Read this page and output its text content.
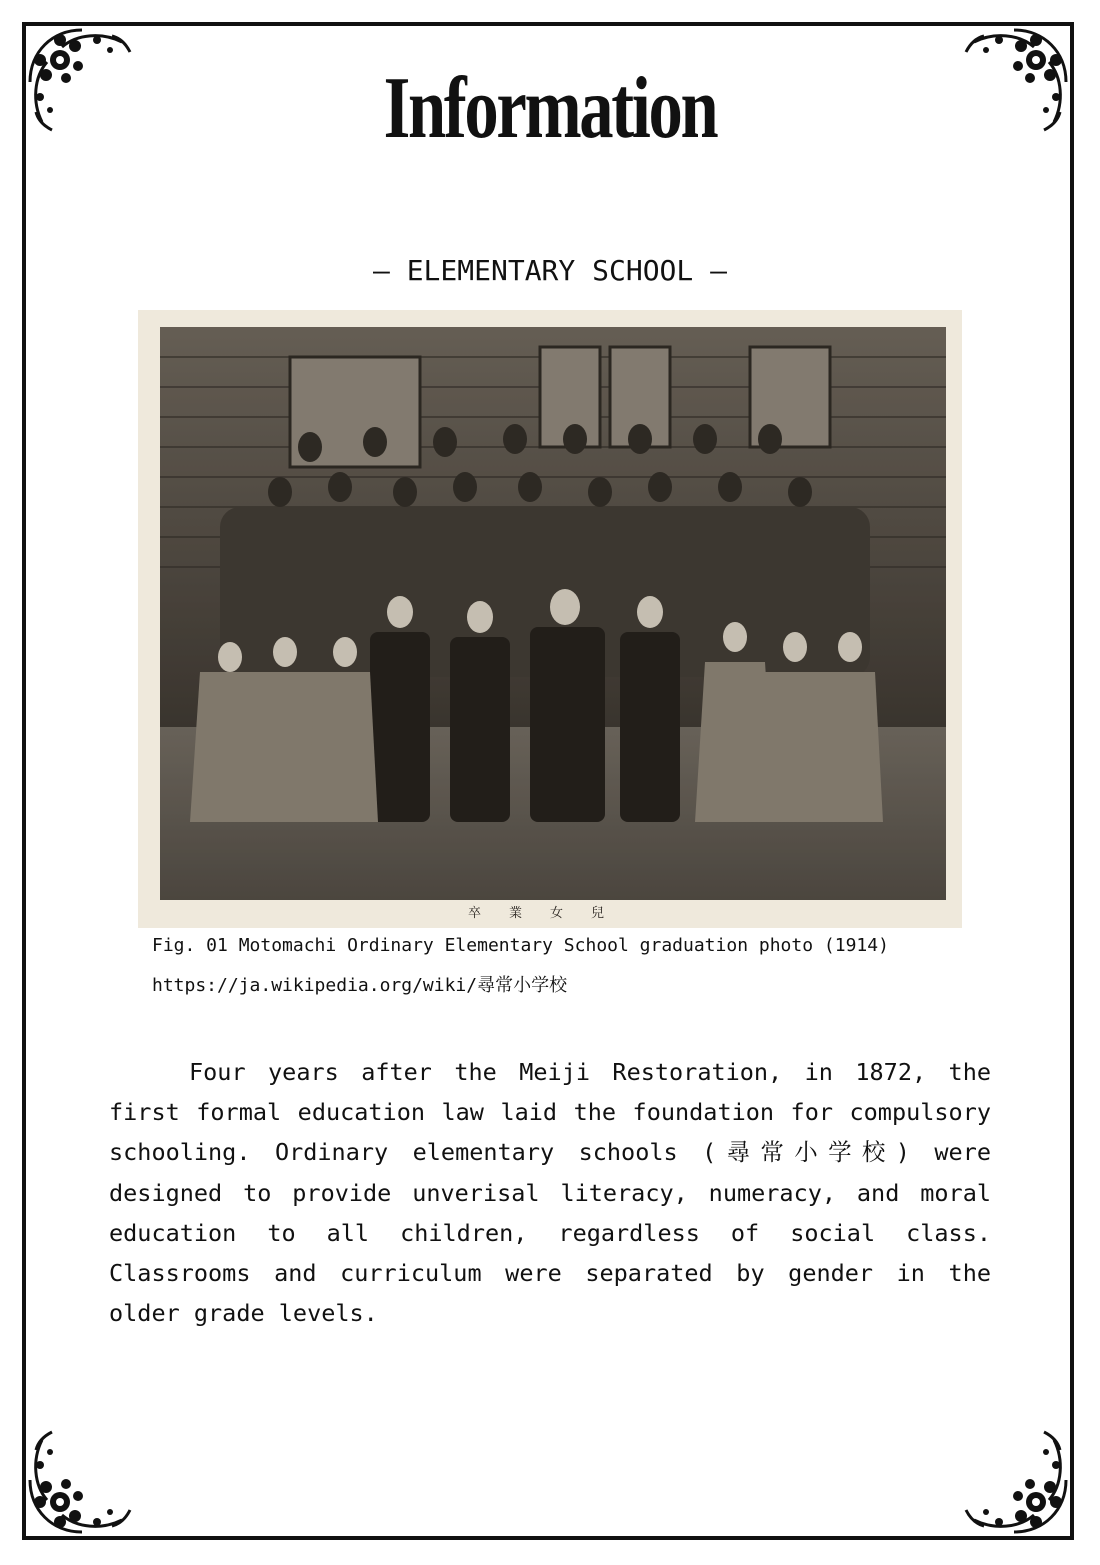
Information
— ELEMENTARY SCHOOL —
卒業女兒
Fig. 01 Motomachi Ordinary Elementary School graduation photo (1914)
https://ja.wikipedia.org/wiki/尋常小学校
Four years after the Meiji Restoration, in 1872, the first formal education law laid the foundation for compulsory schooling. Ordinary elementary schools (尋常小学校) were designed to provide unverisal literacy, numeracy, and moral education to all children, regardless of social class. Classrooms and curriculum were separated by gender in the older grade levels.
